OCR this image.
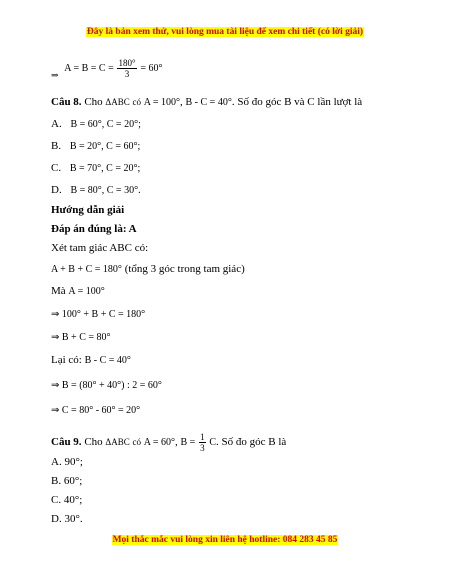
Đây là bản xem thử, vui lòng mua tài liệu để xem chi tiết (có lời giải)
$_\Rightarrow$ $A = B = C = \frac{180^\circ}{3} = 60^\circ$
Câu 8. Cho ΔABC có A = 100°, B - C = 40°. Số đo góc B và C lần lượt là
A. B = 60°, C = 20°;
B. B = 20°, C = 60°;
C. B = 70°, C = 20°;
D. B = 80°, C = 30°.
Hướng dẫn giải
Đáp án đúng là: A
Xét tam giác ABC có:
A + B + C = 180° (tổng 3 góc trong tam giác)
Mà A = 100°
⇒ 100° + B + C = 180°
⇒ B + C = 80°
Lại có: B - C = 40°
⇒ B = (80° + 40°) : 2 = 60°
⇒ C = 80° - 60° = 20°
Câu 9. Cho ΔABC có A = 60°, $B = \frac{1}{3} C$. Số đo góc B là
A. 90°;
B. 60°;
C. 40°;
D. 30°.
Mọi thắc mắc vui lòng xin liên hệ hotline: 084 283 45 85
